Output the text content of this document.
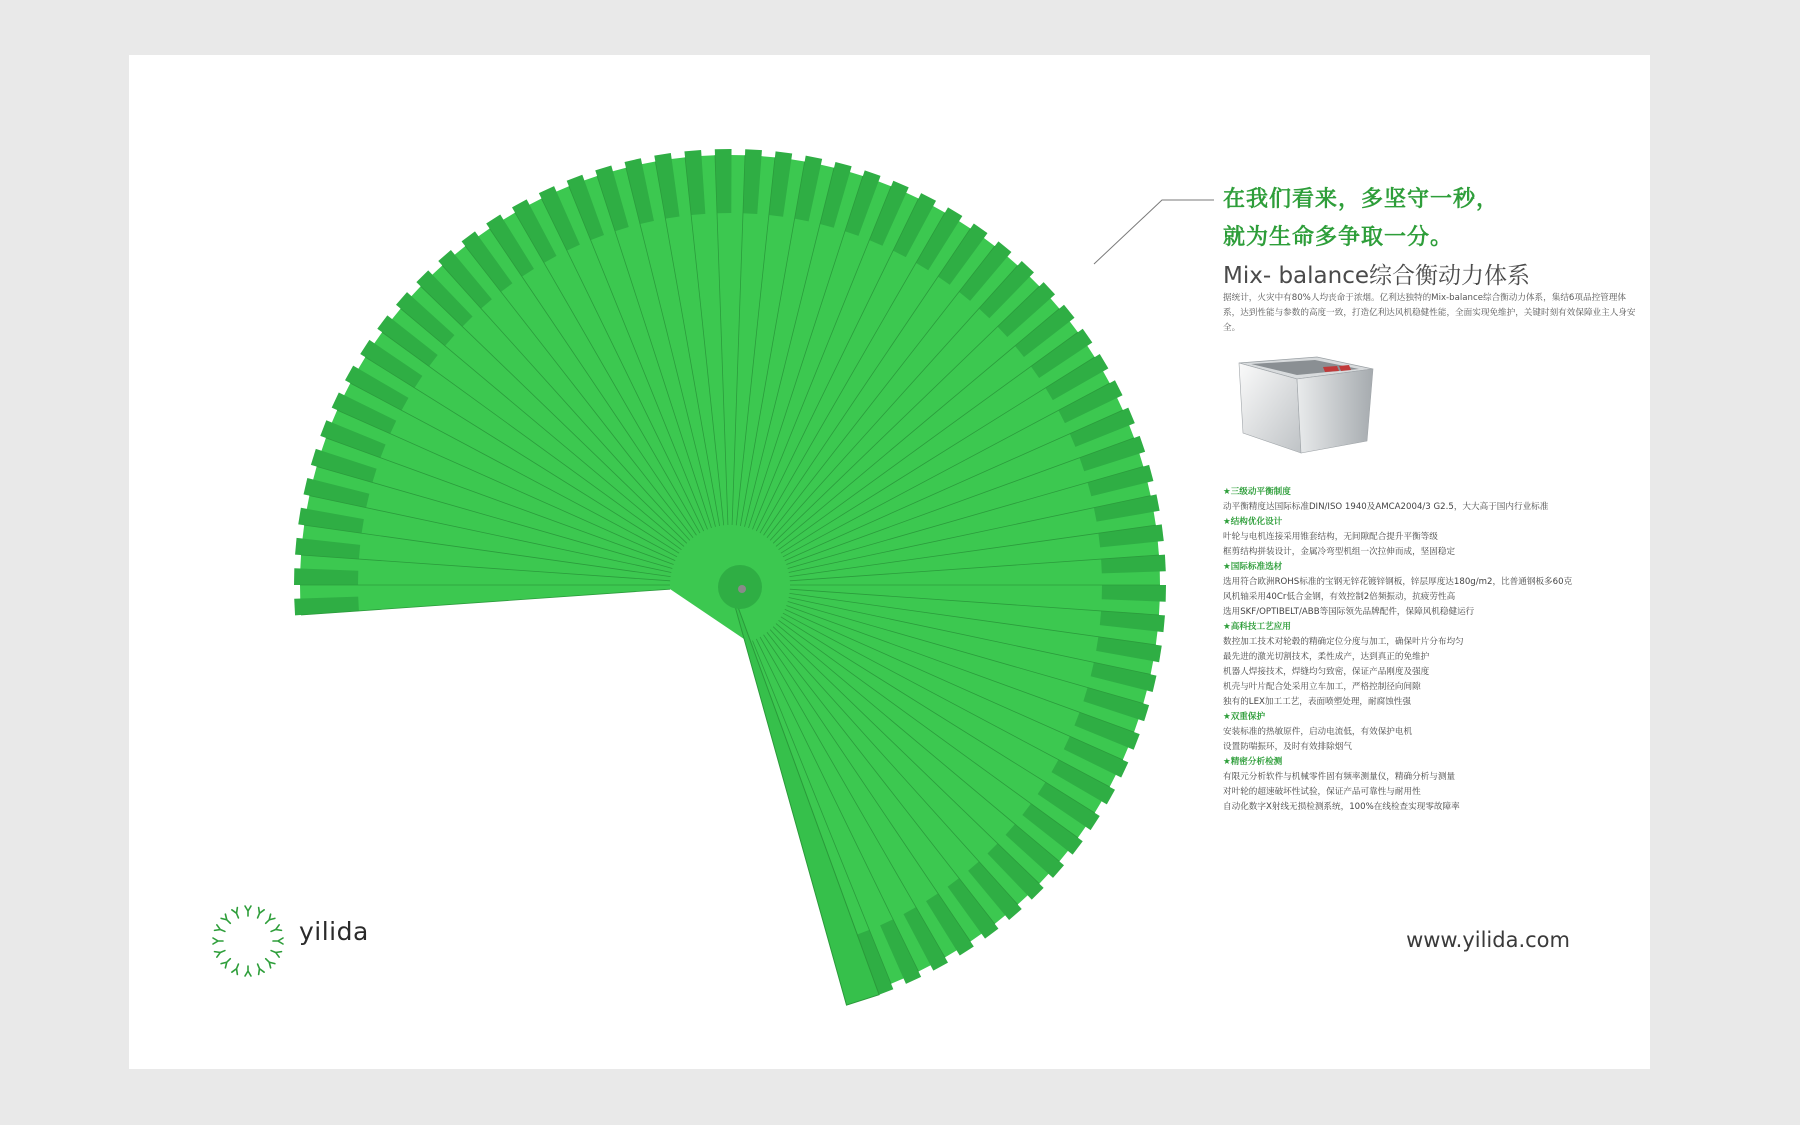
在我们看来，多坚守一秒，
就为生命多争取一分。
Mix- balance综合衡动力体系
据统计，火灾中有80%人均丧命于浓烟。亿利达独特的Mix-balance综合衡动力体系，集结6项品控管理体系，达到性能与参数的高度一致，打造亿利达风机稳健性能，全面实现免维护，关键时刻有效保障业主人身安全。
★三级动平衡制度
动平衡精度达国际标准DIN/ISO 1940及AMCA2004/3 G2.5，大大高于国内行业标准
★结构优化设计
叶轮与电机连接采用锥套结构，无间隙配合提升平衡等级
框剪结构拼装设计，金属冷弯型机组一次拉伸而成，坚固稳定
★国际标准选材
选用符合欧洲ROHS标准的宝钢无锌花镀锌钢板，锌层厚度达180g/m2，比普通钢板多60克
风机轴采用40Cr低合金钢，有效控制2倍频振动，抗疲劳性高
选用SKF/OPTIBELT/ABB等国际领先品牌配件，保障风机稳健运行
★高科技工艺应用
数控加工技术对轮毂的精确定位分度与加工，确保叶片分布均匀
最先进的激光切割技术，柔性成产，达到真正的免维护
机器人焊接技术，焊缝均匀致密，保证产品刚度及强度
机壳与叶片配合处采用立车加工，严格控制径向间隙
独有的LEX加工工艺，表面喷塑处理，耐腐蚀性强
★双重保护
安装标准的热敏原件，启动电流低，有效保护电机
设置防喘振环，及时有效排除烟气
★精密分析检测
有限元分析软件与机械零件固有频率测量仪，精确分析与测量
对叶轮的超速破坏性试验，保证产品可靠性与耐用性
自动化数字X射线无损检测系统，100%在线检查实现零故障率
yilida	www.yilida.com
